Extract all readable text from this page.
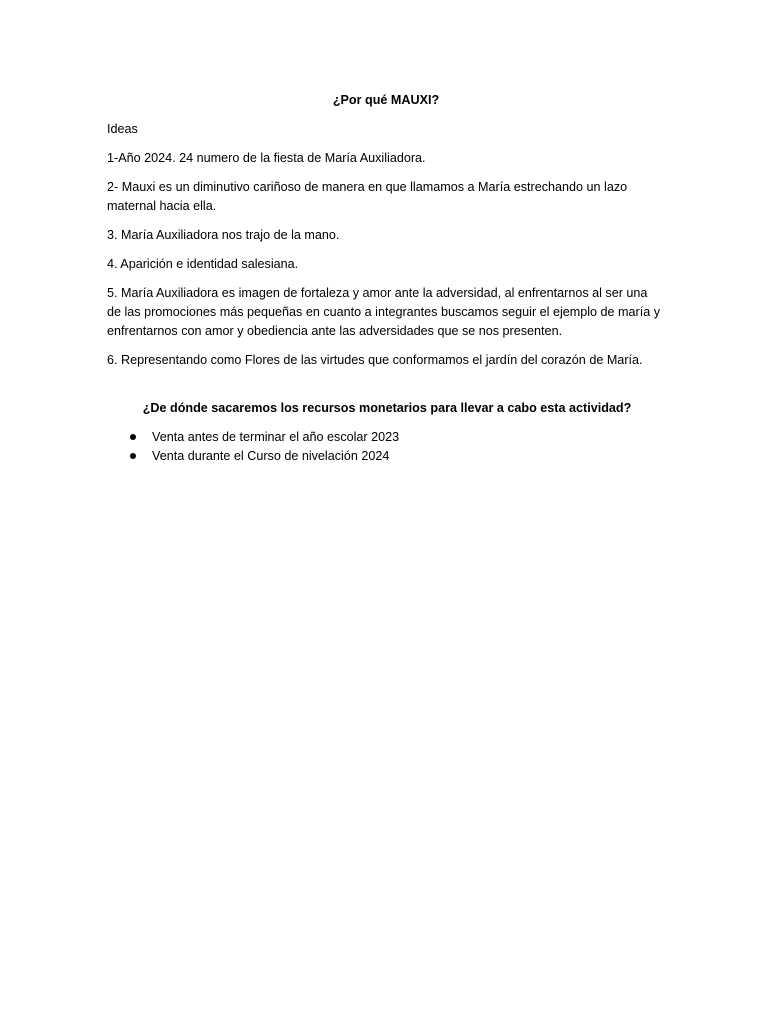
¿Por qué MAUXI?

Ideas

1-Año 2024. 24 numero de la fiesta de María Auxiliadora.

2- Mauxi es un diminutivo cariñoso de manera en que llamamos a María estrechando un lazo maternal hacia ella.

3. María Auxiliadora nos trajo de la mano.

4. Aparición e identidad salesiana.

5. María Auxiliadora es imagen de fortaleza y amor ante la adversidad, al enfrentarnos al ser una de las promociones más pequeñas en cuanto a integrantes buscamos seguir el ejemplo de maría y enfrentarnos con amor y obediencia ante las adversidades que se nos presenten.

6. Representando como Flores de las virtudes que conformamos el jardín del corazón de María.

¿De dónde sacaremos los recursos monetarios para llevar a cabo esta actividad?

Venta antes de terminar el año escolar 2023
Venta durante el Curso de nivelación 2024
